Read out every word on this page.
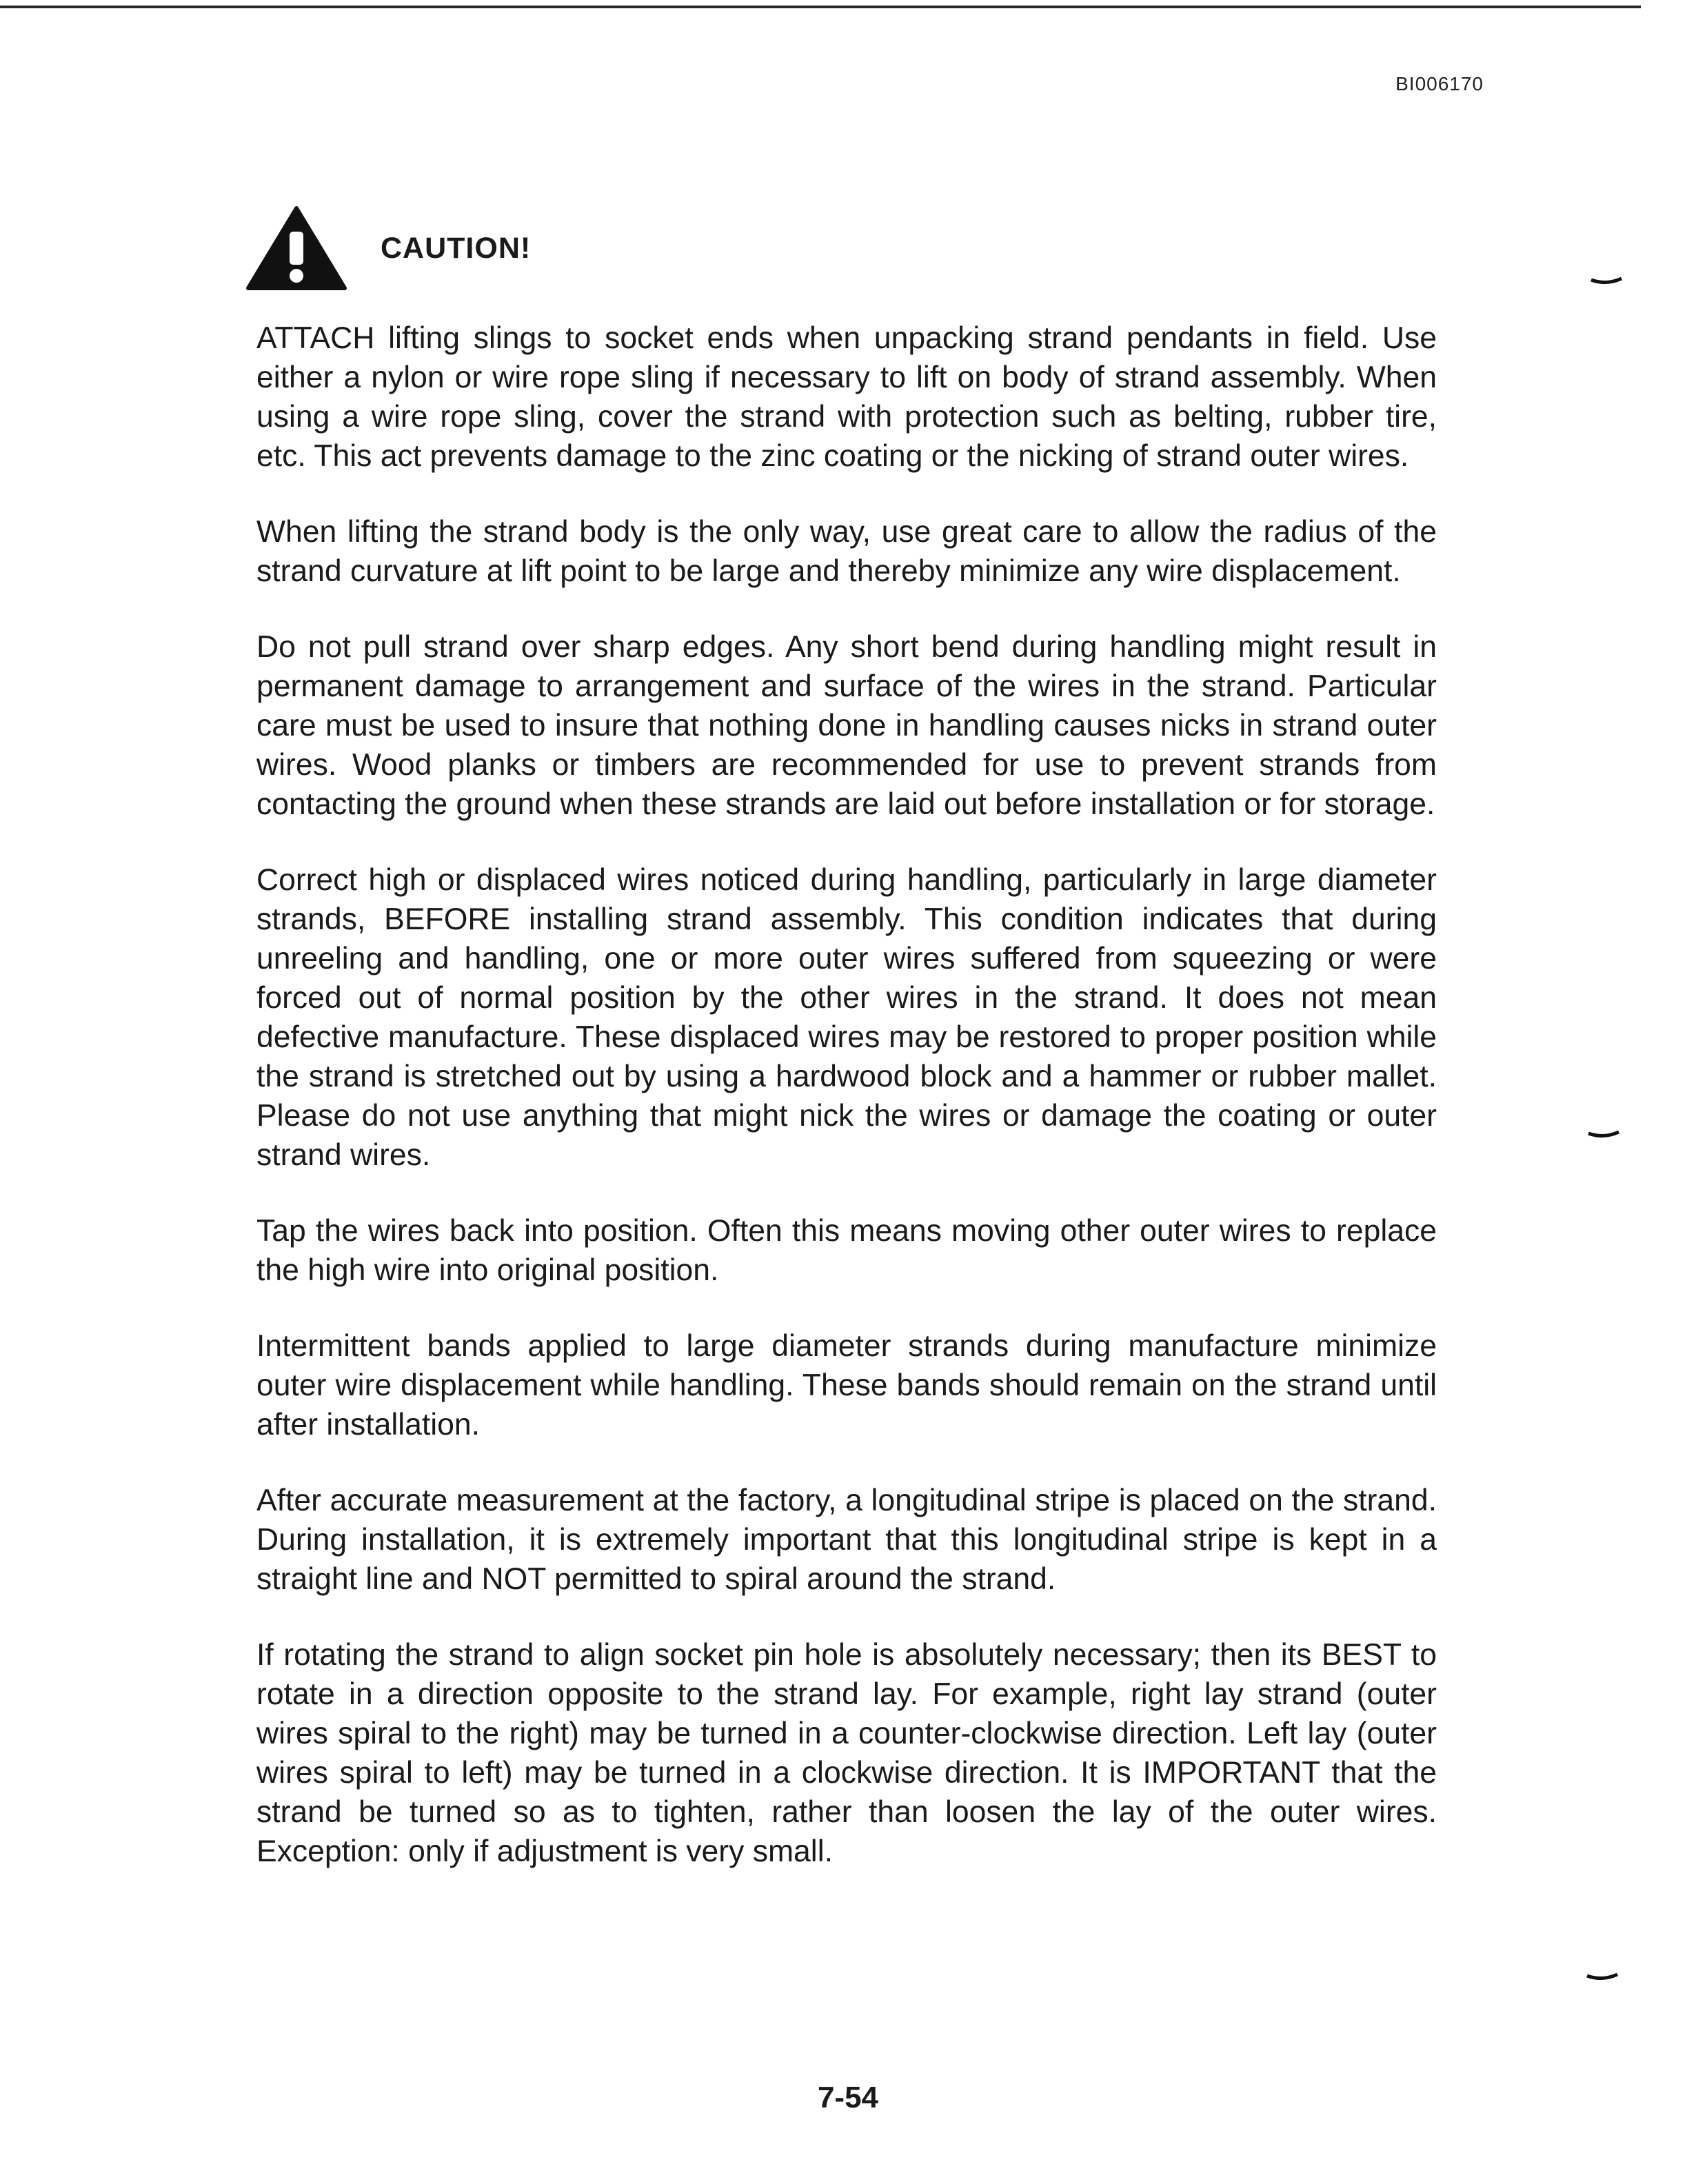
BI006170
CAUTION!

ATTACH lifting slings to socket ends when unpacking strand pendants in field. Use either a nylon or wire rope sling if necessary to lift on body of strand assembly. When using a wire rope sling, cover the strand with protection such as belting, rubber tire, etc. This act prevents damage to the zinc coating or the nicking of strand outer wires.

When lifting the strand body is the only way, use great care to allow the radius of the strand curvature at lift point to be large and thereby minimize any wire displacement.

Do not pull strand over sharp edges. Any short bend during handling might result in permanent damage to arrangement and surface of the wires in the strand. Particular care must be used to insure that nothing done in handling causes nicks in strand outer wires. Wood planks or timbers are recommended for use to prevent strands from contacting the ground when these strands are laid out before installation or for storage.

Correct high or displaced wires noticed during handling, particularly in large diameter strands, BEFORE installing strand assembly. This condition indicates that during unreeling and handling, one or more outer wires suffered from squeezing or were forced out of normal position by the other wires in the strand. It does not mean defective manufacture. These displaced wires may be restored to proper position while the strand is stretched out by using a hardwood block and a hammer or rubber mallet. Please do not use anything that might nick the wires or damage the coating or outer strand wires.

Tap the wires back into position. Often this means moving other outer wires to replace the high wire into original position.

Intermittent bands applied to large diameter strands during manufacture minimize outer wire displacement while handling. These bands should remain on the strand until after installation.

After accurate measurement at the factory, a longitudinal stripe is placed on the strand. During installation, it is extremely important that this longitudinal stripe is kept in a straight line and NOT permitted to spiral around the strand.

If rotating the strand to align socket pin hole is absolutely necessary; then its BEST to rotate in a direction opposite to the strand lay. For example, right lay strand (outer wires spiral to the right) may be turned in a counter-clockwise direction. Left lay (outer wires spiral to left) may be turned in a clockwise direction. It is IMPORTANT that the strand be turned so as to tighten, rather than loosen the lay of the outer wires. Exception: only if adjustment is very small.

7-54
